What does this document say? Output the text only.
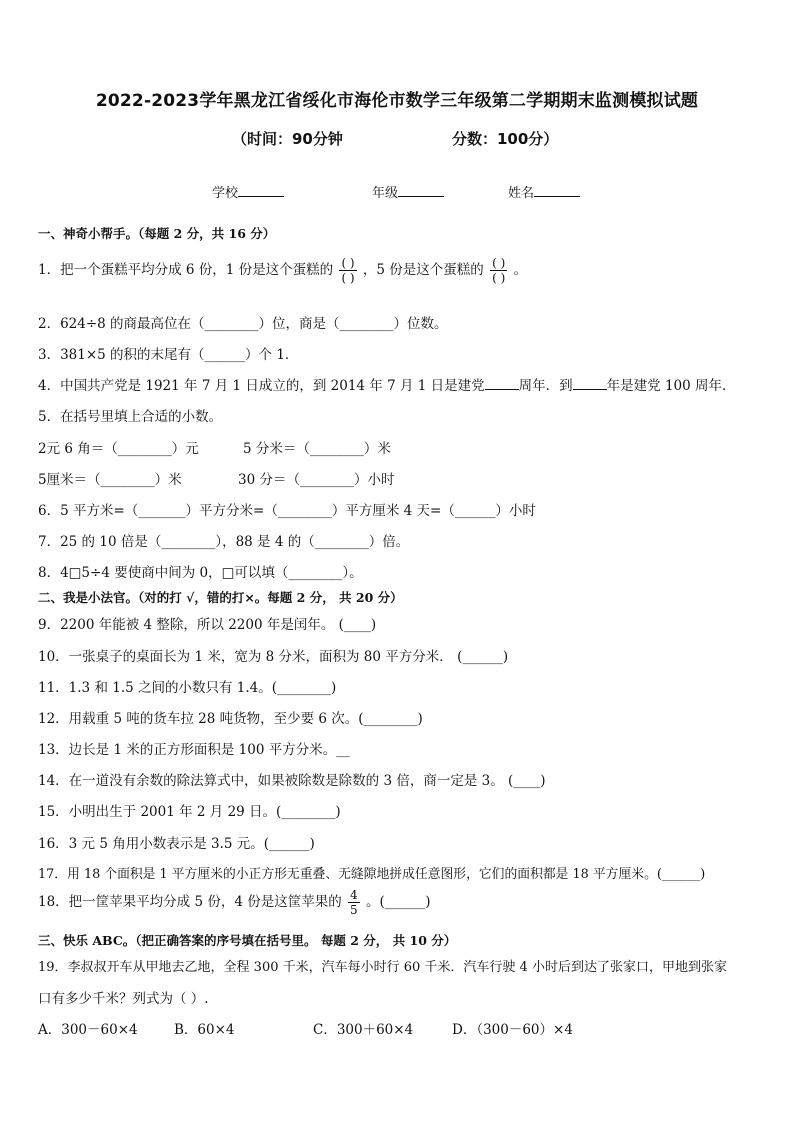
2022-2023学年黑龙江省绥化市海伦市数学三年级第二学期期末监测模拟试题
（时间：90分钟	分数：100分）
学校	年级	姓名
一、神奇小帮手。（每题 2 分，共 16 分）
1．把一个蛋糕平均分成 6 份，1 份是这个蛋糕的 $\frac{( )}{( )}$ ，5 份是这个蛋糕的 $\frac{( )}{( )}$ 。
2．624÷8 的商最高位在（________）位，商是（________）位数。
3．381×5 的积的末尾有（______）个 1．
4．中国共产党是 1921 年 7 月 1 日成立的，到 2014 年 7 月 1 日是建党	周年．到	年是建党 100 周年．
5．在括号里填上合适的小数。
2元 6 角＝（________）元	5 分米＝（________）米
5厘米＝（________）米	30 分＝（________）小时
6．5 平方米=（_______）平方分米=（________）平方厘米 4 天=（______）小时
7．25 的 10 倍是（________），88 是 4 的（________）倍。
8．4□5÷4 要使商中间为 0，□可以填（________）。
二、我是小法官。（对的打 √，错的打×。每题 2 分， 共 20 分）
9．2200 年能被 4 整除，所以 2200 年是闰年。 (____)
10．一张桌子的桌面长为 1 米，宽为 8 分米，面积为 80 平方分米． (______)
11．1.3 和 1.5 之间的小数只有 1.4。(________)
12．用载重 5 吨的货车拉 28 吨货物，至少要 6 次。(________)
13．边长是 1 米的正方形面积是 100 平方分米。__
14．在一道没有余数的除法算式中，如果被除数是除数的 3 倍，商一定是 3。 (____)
15．小明出生于 2001 年 2 月 29 日。(________)
16．3 元 5 角用小数表示是 3.5 元。(______)
17．用 18 个面积是 1 平方厘米的小正方形无重叠、无缝隙地拼成任意图形，它们的面积都是 18 平方厘米。(______)
18．把一筐苹果平均分成 5 份，4 份是这筐苹果的 $\frac{4}{5}$ 。(______)
三、快乐 ABC。（把正确答案的序号填在括号里。 每题 2 分， 共 10 分）
19．李叔叔开车从甲地去乙地，全程 300 千米，汽车每小时行 60 千米．汽车行驶 4 小时后到达了张家口，甲地到张家
口有多少千米？列式为（ ）.
A．300－60×4	B．60×4	C．300＋60×4	D．（300－60）×4
